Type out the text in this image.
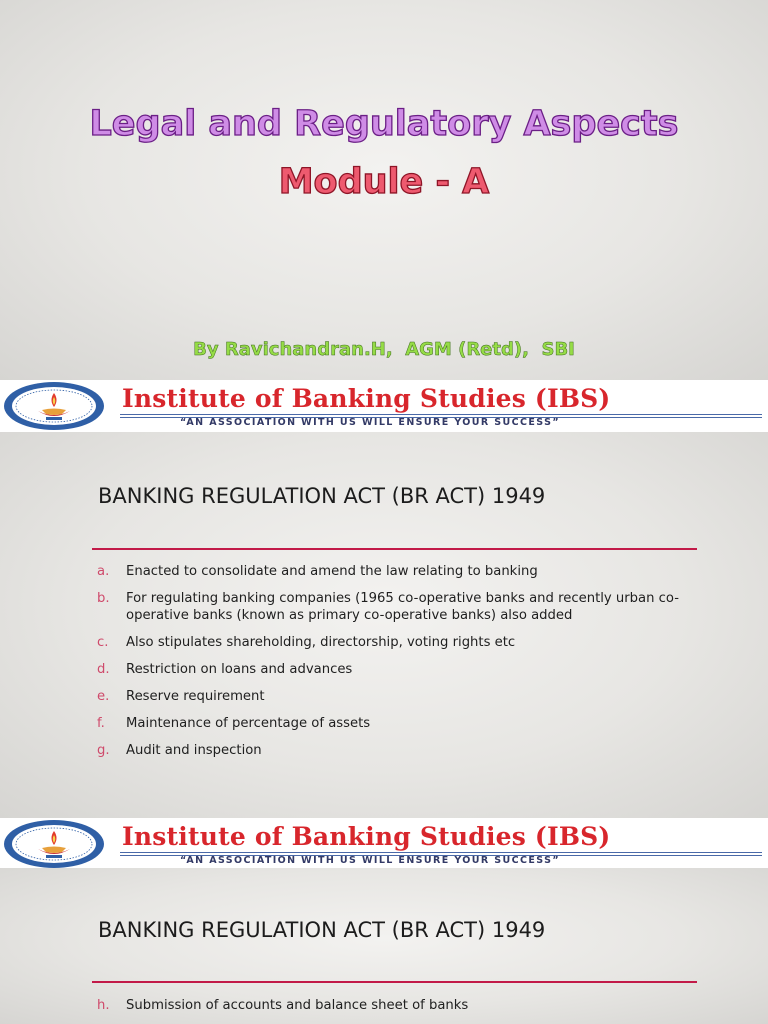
Legal and Regulatory Aspects
Module - A
By Ravichandran.H,  AGM (Retd),  SBI
Institute of Banking Studies (IBS)
“AN ASSOCIATION WITH US WILL ENSURE YOUR SUCCESS”
BANKING REGULATION ACT (BR ACT) 1949
a.	Enacted to consolidate and amend the law relating to banking
b.	For regulating banking companies (1965 co-operative banks and recently urban co-operative banks (known as primary co-operative banks) also added
c.	Also stipulates shareholding, directorship, voting rights etc
d.	Restriction on loans and advances
e.	Reserve requirement
f.	Maintenance of percentage of assets
g.	Audit and inspection
Institute of Banking Studies (IBS)
“AN ASSOCIATION WITH US WILL ENSURE YOUR SUCCESS”
BANKING REGULATION ACT (BR ACT) 1949
h.	Submission of accounts and balance sheet of banks
